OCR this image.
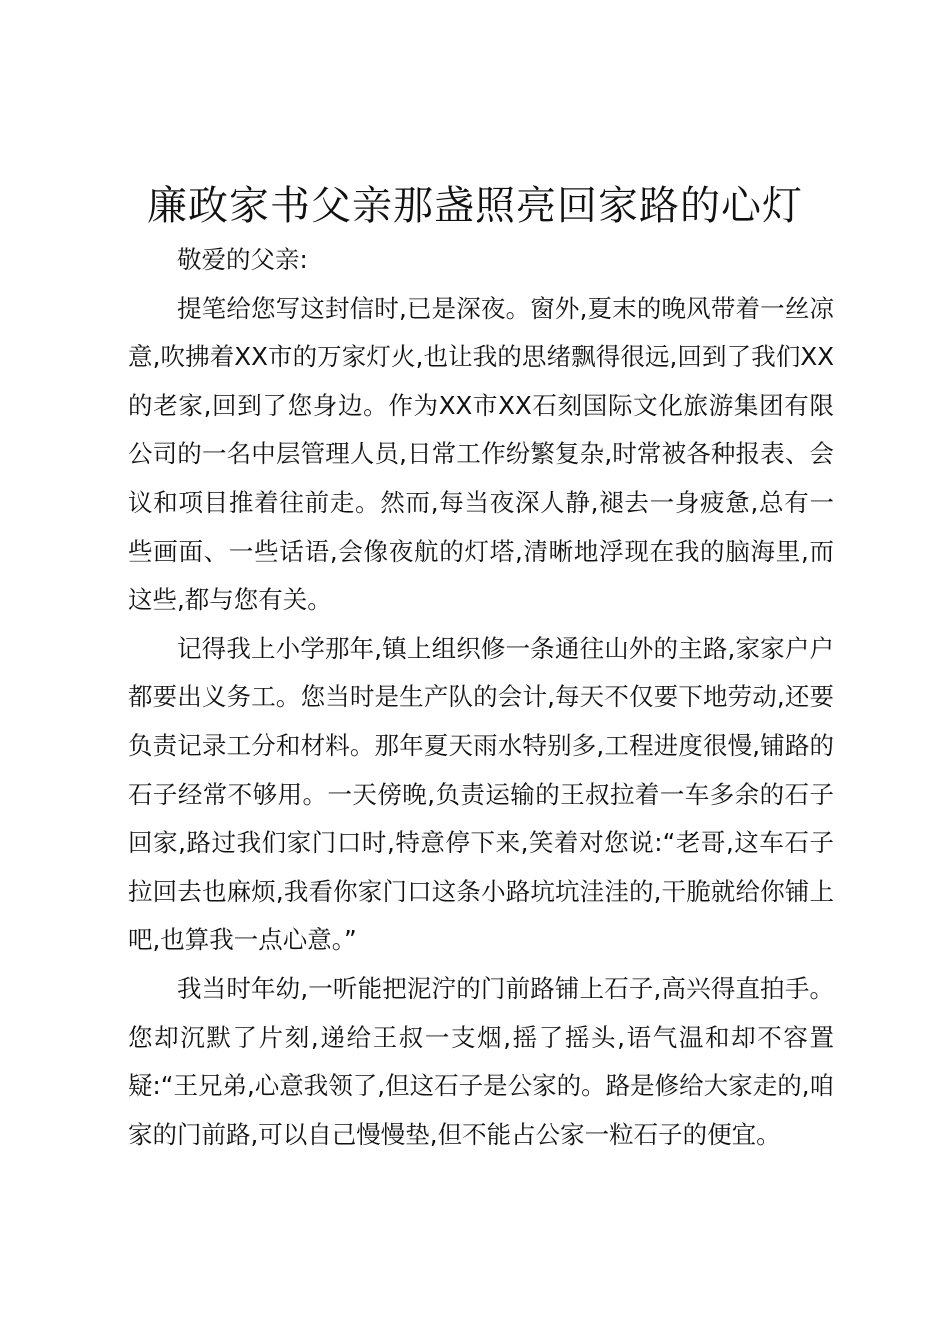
廉政家书父亲那盏照亮回家路的心灯

敬爱的父亲:

提笔给您写这封信时,已是深夜。窗外,夏末的晚风带着一丝凉意,吹拂着XX市的万家灯火,也让我的思绪飘得很远,回到了我们XX的老家,回到了您身边。作为XX市XX石刻国际文化旅游集团有限公司的一名中层管理人员,日常工作纷繁复杂,时常被各种报表、会议和项目推着往前走。然而,每当夜深人静,褪去一身疲惫,总有一些画面、一些话语,会像夜航的灯塔,清晰地浮现在我的脑海里,而这些,都与您有关。

记得我上小学那年,镇上组织修一条通往山外的主路,家家户户都要出义务工。您当时是生产队的会计,每天不仅要下地劳动,还要负责记录工分和材料。那年夏天雨水特别多,工程进度很慢,铺路的石子经常不够用。一天傍晚,负责运输的王叔拉着一车多余的石子回家,路过我们家门口时,特意停下来,笑着对您说:“老哥,这车石子拉回去也麻烦,我看你家门口这条小路坑坑洼洼的,干脆就给你铺上吧,也算我一点心意。”

我当时年幼,一听能把泥泞的门前路铺上石子,高兴得直拍手。您却沉默了片刻,递给王叔一支烟,摇了摇头,语气温和却不容置疑:“王兄弟,心意我领了,但这石子是公家的。路是修给大家走的,咱家的门前路,可以自己慢慢垫,但不能占公家一粒石子的便宜。
